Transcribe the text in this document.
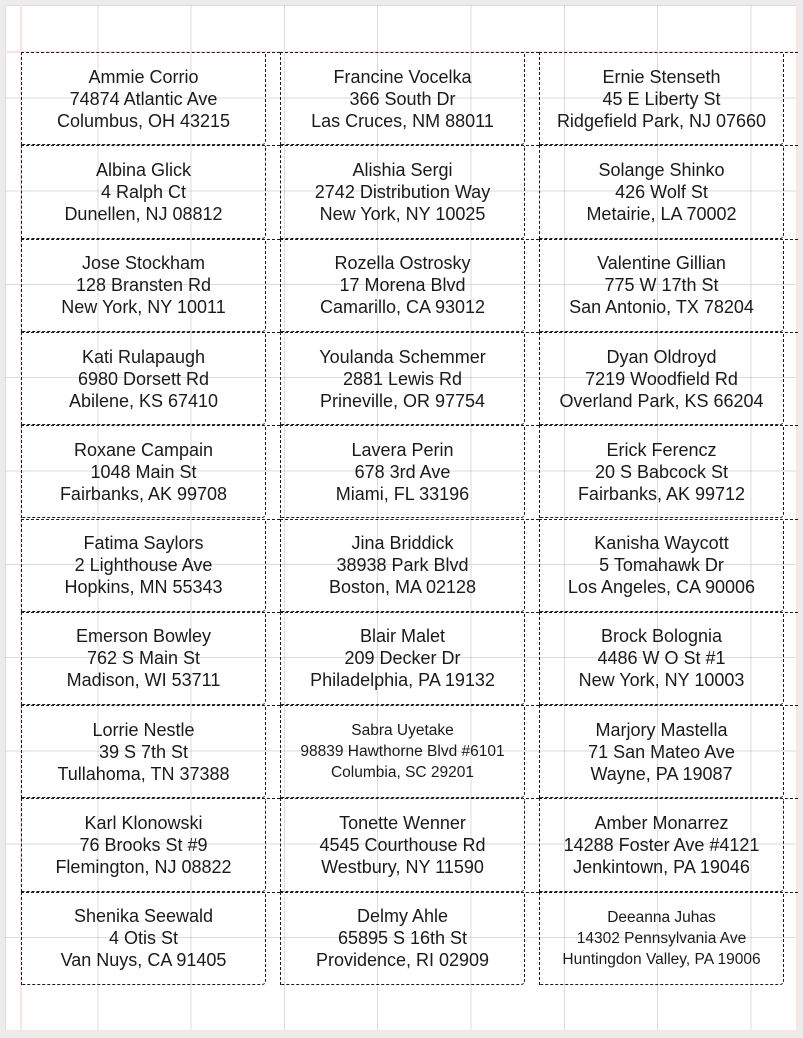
Ammie Corrio
74874 Atlantic Ave
Columbus, OH 43215
Francine Vocelka
366 South Dr
Las Cruces, NM 88011
Ernie Stenseth
45 E Liberty St
Ridgefield Park, NJ 07660
Albina Glick
4 Ralph Ct
Dunellen, NJ 08812
Alishia Sergi
2742 Distribution Way
New York, NY 10025
Solange Shinko
426 Wolf St
Metairie, LA 70002
Jose Stockham
128 Bransten Rd
New York, NY 10011
Rozella Ostrosky
17 Morena Blvd
Camarillo, CA 93012
Valentine Gillian
775 W 17th St
San Antonio, TX 78204
Kati Rulapaugh
6980 Dorsett Rd
Abilene, KS 67410
Youlanda Schemmer
2881 Lewis Rd
Prineville, OR 97754
Dyan Oldroyd
7219 Woodfield Rd
Overland Park, KS 66204
Roxane Campain
1048 Main St
Fairbanks, AK 99708
Lavera Perin
678 3rd Ave
Miami, FL 33196
Erick Ferencz
20 S Babcock St
Fairbanks, AK 99712
Fatima Saylors
2 Lighthouse Ave
Hopkins, MN 55343
Jina Briddick
38938 Park Blvd
Boston, MA 02128
Kanisha Waycott
5 Tomahawk Dr
Los Angeles, CA 90006
Emerson Bowley
762 S Main St
Madison, WI 53711
Blair Malet
209 Decker Dr
Philadelphia, PA 19132
Brock Bolognia
4486 W O St #1
New York, NY 10003
Lorrie Nestle
39 S 7th St
Tullahoma, TN 37388
Sabra Uyetake
98839 Hawthorne Blvd #6101
Columbia, SC 29201
Marjory Mastella
71 San Mateo Ave
Wayne, PA 19087
Karl Klonowski
76 Brooks St #9
Flemington, NJ 08822
Tonette Wenner
4545 Courthouse Rd
Westbury, NY 11590
Amber Monarrez
14288 Foster Ave #4121
Jenkintown, PA 19046
Shenika Seewald
4 Otis St
Van Nuys, CA 91405
Delmy Ahle
65895 S 16th St
Providence, RI 02909
Deeanna Juhas
14302 Pennsylvania Ave
Huntingdon Valley, PA 19006
